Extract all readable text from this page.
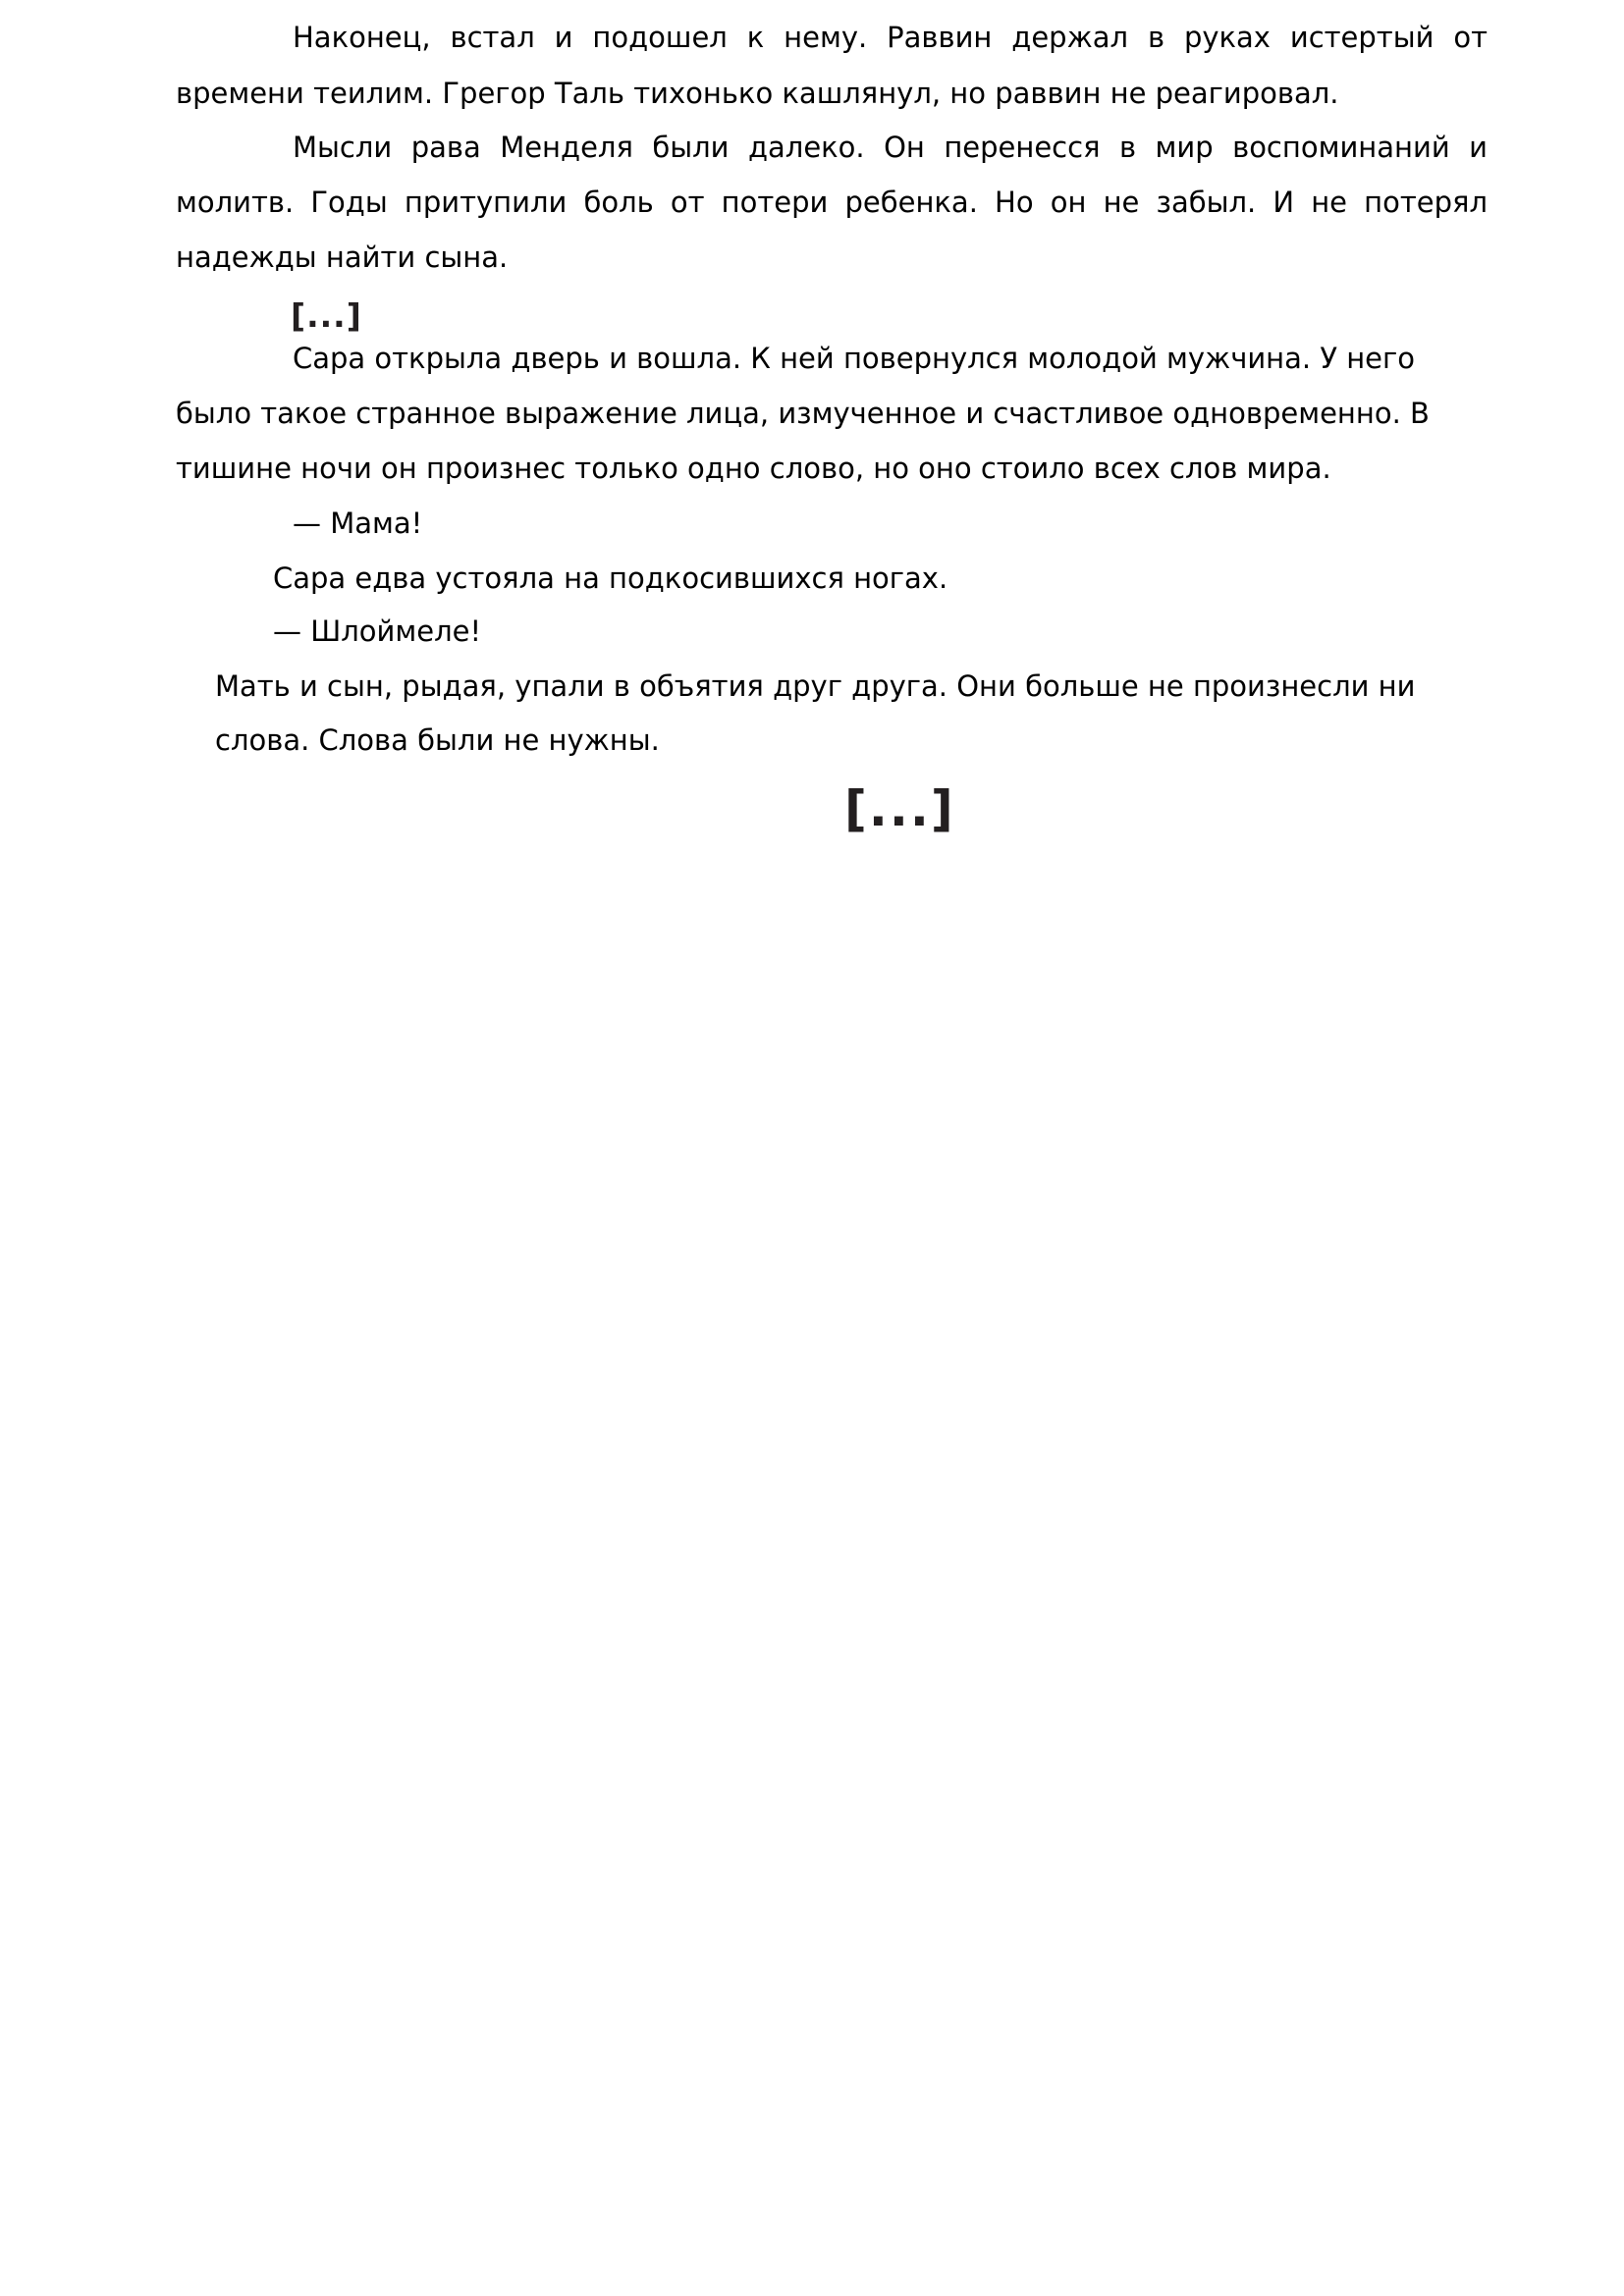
Наконец, встал и подошел к нему. Раввин держал в руках истертый от
времени теилим. Грегор Таль тихонько кашлянул, но раввин не реагировал.
Мысли рава Менделя были далеко. Он перенесся в мир воспоминаний и
молитв. Годы притупили боль от потери ребенка. Но он не забыл. И не потерял
надежды найти сына.
[...]
Сара открыла дверь и вошла. К ней повернулся молодой мужчина. У него
было такое странное выражение лица, измученное и счастливое одновременно. В
тишине ночи он произнес только одно слово, но оно стоило всех слов мира.
— Мама!
Сара едва устояла на подкосившихся ногах.
— Шлоймеле!
Мать и сын, рыдая, упали в объятия друг друга. Они больше не произнесли ни
слова. Слова были не нужны.
[...]
